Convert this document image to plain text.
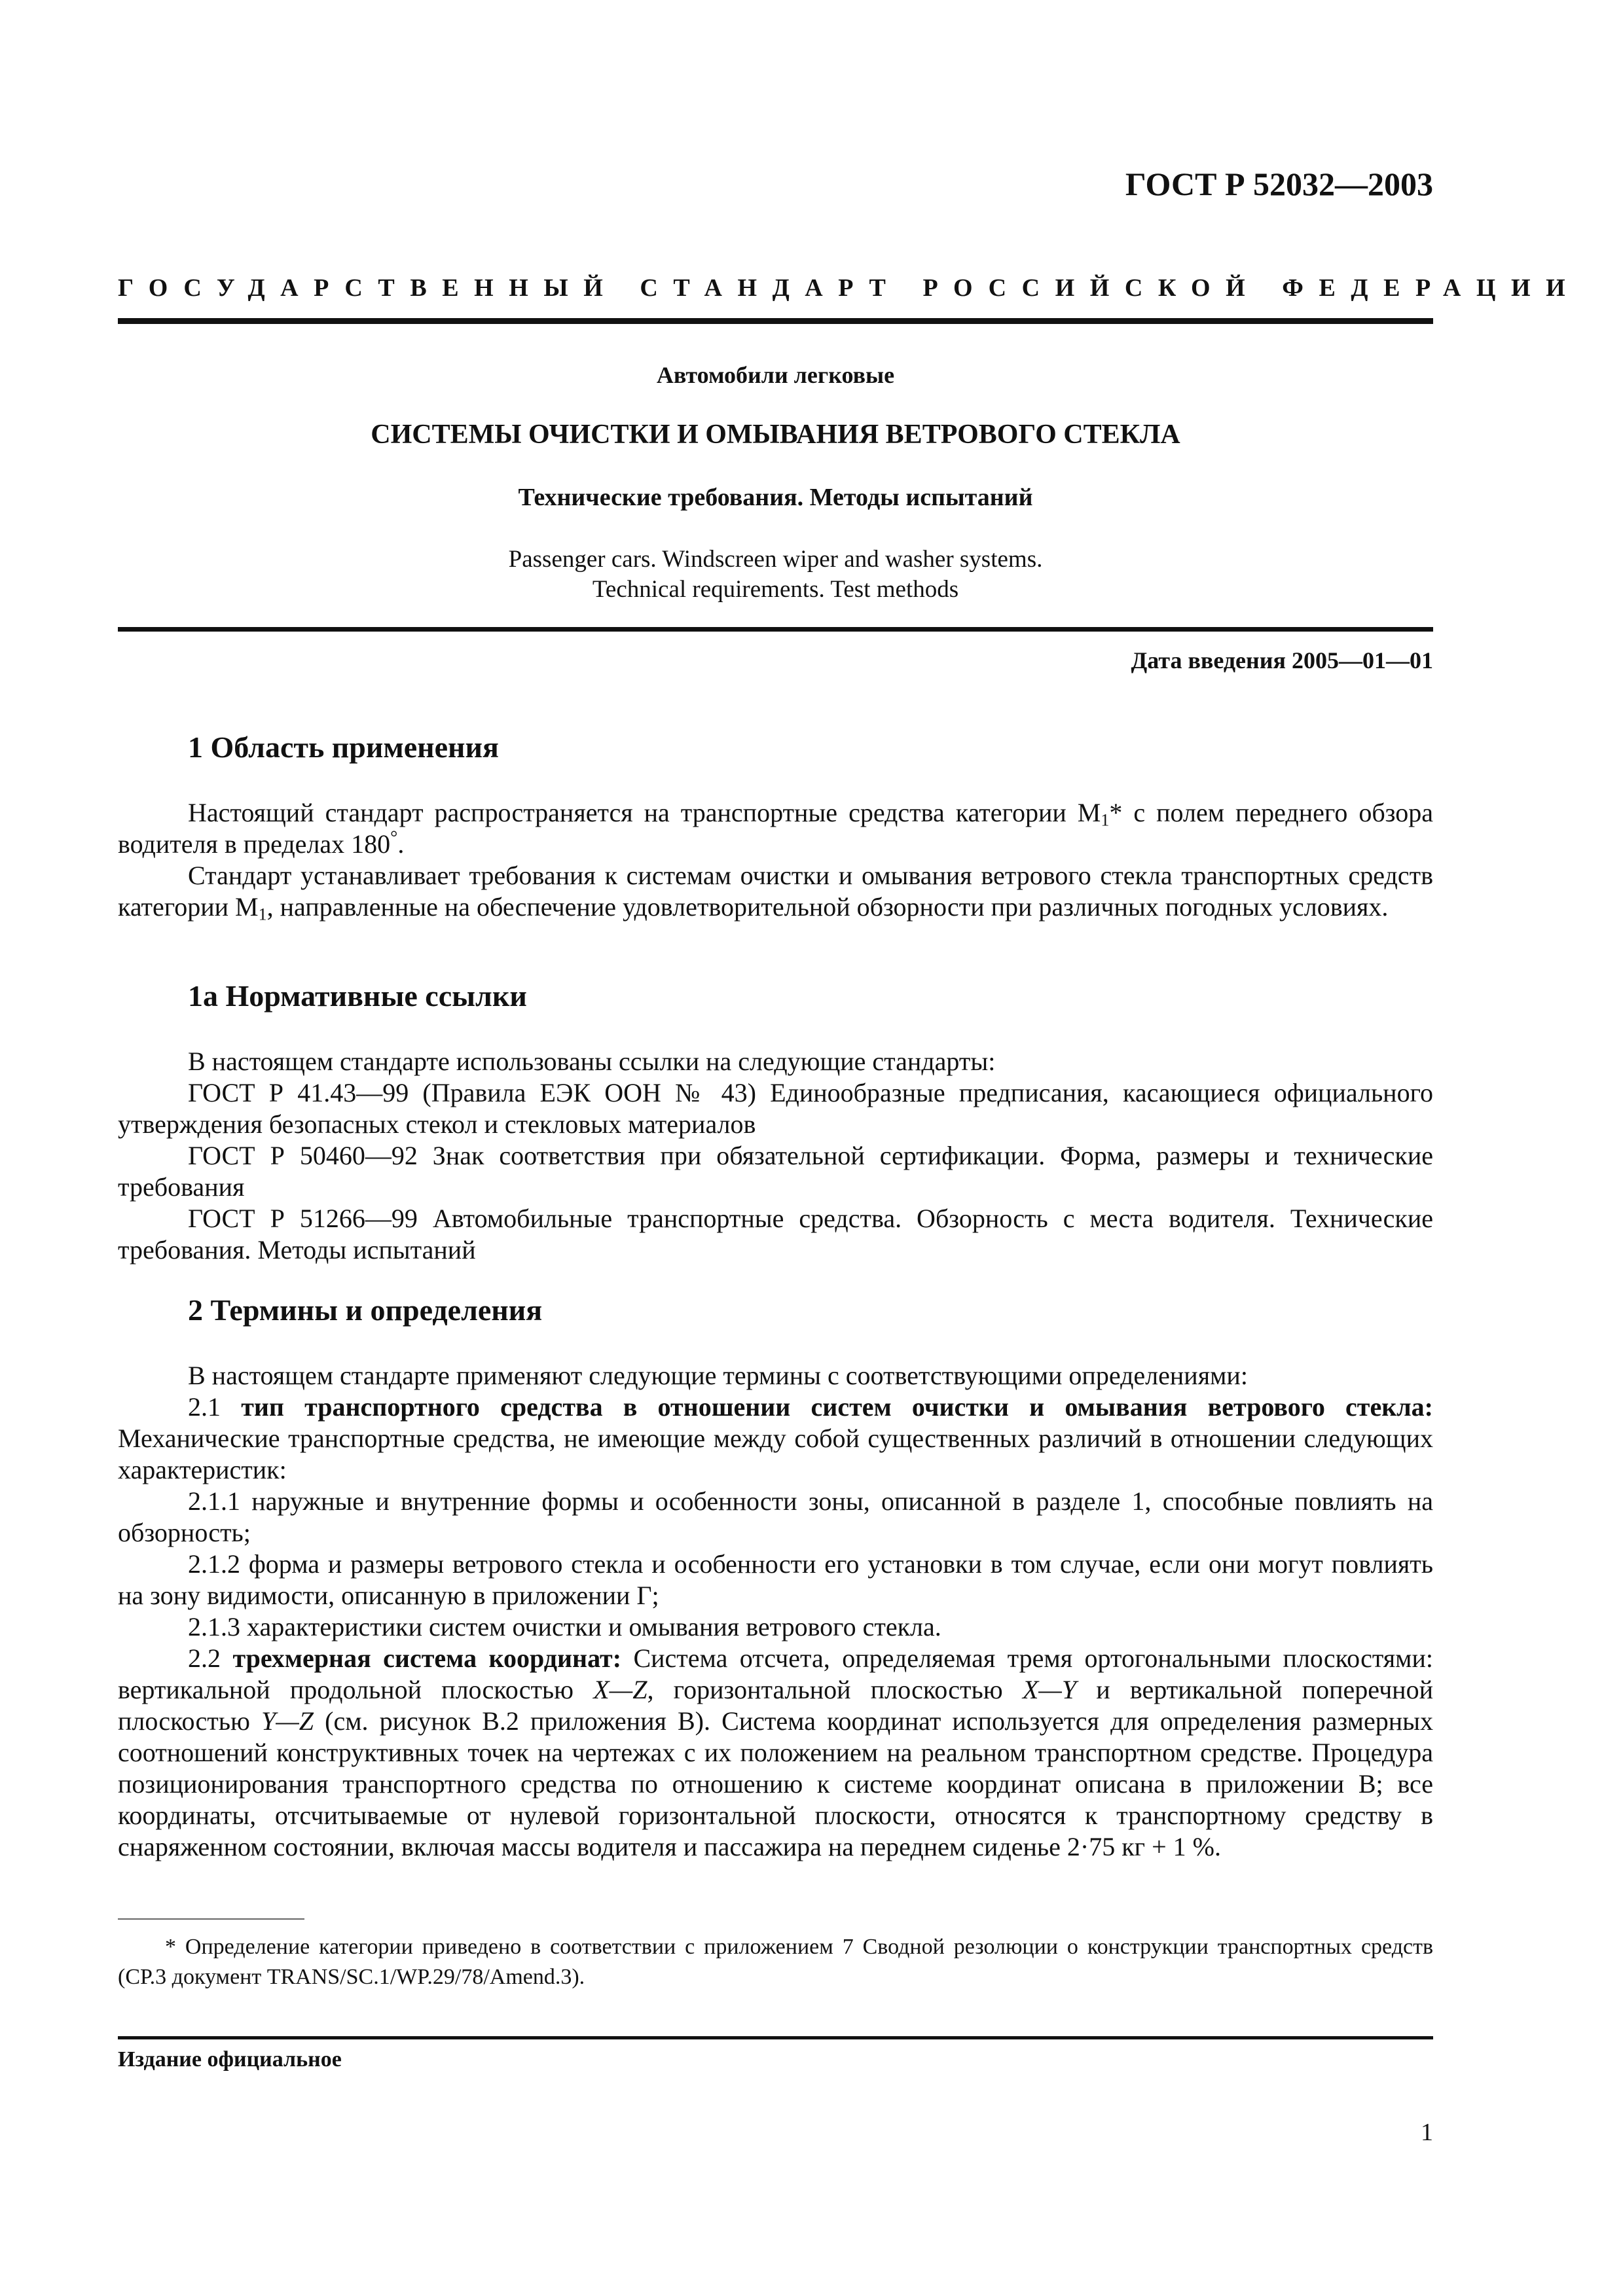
ГОСТ Р 52032—2003
ГОСУДАРСТВЕННЫЙ СТАНДАРТ РОССИЙСКОЙ ФЕДЕРАЦИИ
Автомобили легковые
СИСТЕМЫ ОЧИСТКИ И ОМЫВАНИЯ ВЕТРОВОГО СТЕКЛА
Технические требования. Методы испытаний
Passenger cars. Windscreen wiper and washer systems.
Technical requirements. Test methods
Дата введения 2005—01—01
1 Область применения

Настоящий стандарт распространяется на транспортные средства категории $М_1*$ с полем переднего обзора водителя в пределах 180°.

Стандарт устанавливает требования к системам очистки и омывания ветрового стекла транспортных средств категории $М_1$, направленные на обеспечение удовлетворительной обзорности при различных погодных условиях.

1а Нормативные ссылки

В настоящем стандарте использованы ссылки на следующие стандарты:

ГОСТ Р 41.43—99 (Правила ЕЭК ООН № 43) Единообразные предписания, касающиеся официального утверждения безопасных стекол и стекловых материалов

ГОСТ Р 50460—92 Знак соответствия при обязательной сертификации. Форма, размеры и технические требования

ГОСТ Р 51266—99 Автомобильные транспортные средства. Обзорность с места водителя. Технические требования. Методы испытаний

2 Термины и определения

В настоящем стандарте применяют следующие термины с соответствующими определениями:

2.1 тип транспортного средства в отношении систем очистки и омывания ветрового стекла: Механические транспортные средства, не имеющие между собой существенных различий в отношении следующих характеристик:

2.1.1 наружные и внутренние формы и особенности зоны, описанной в разделе 1, способные повлиять на обзорность;

2.1.2 форма и размеры ветрового стекла и особенности его установки в том случае, если они могут повлиять на зону видимости, описанную в приложении Г;

2.1.3 характеристики систем очистки и омывания ветрового стекла.

2.2 трехмерная система координат: Система отсчета, определяемая тремя ортогональными плоскостями: вертикальной продольной плоскостью X—Z, горизонтальной плоскостью X—Y и вертикальной поперечной плоскостью Y—Z (см. рисунок В.2 приложения В). Система координат используется для определения размерных соотношений конструктивных точек на чертежах с их положением на реальном транспортном средстве. Процедура позиционирования транспортного средства по отношению к системе координат описана в приложении В; все координаты, отсчитываемые от нулевой горизонтальной плоскости, относятся к транспортному средству в снаряженном состоянии, включая массы водителя и пассажира на переднем сиденье 2·75 кг + 1 %.

* Определение категории приведено в соответствии с приложением 7 Сводной резолюции о конструкции транспортных средств (СР.3 документ TRANS/SC.1/WP.29/78/Amend.3).

Издание официальное
1
